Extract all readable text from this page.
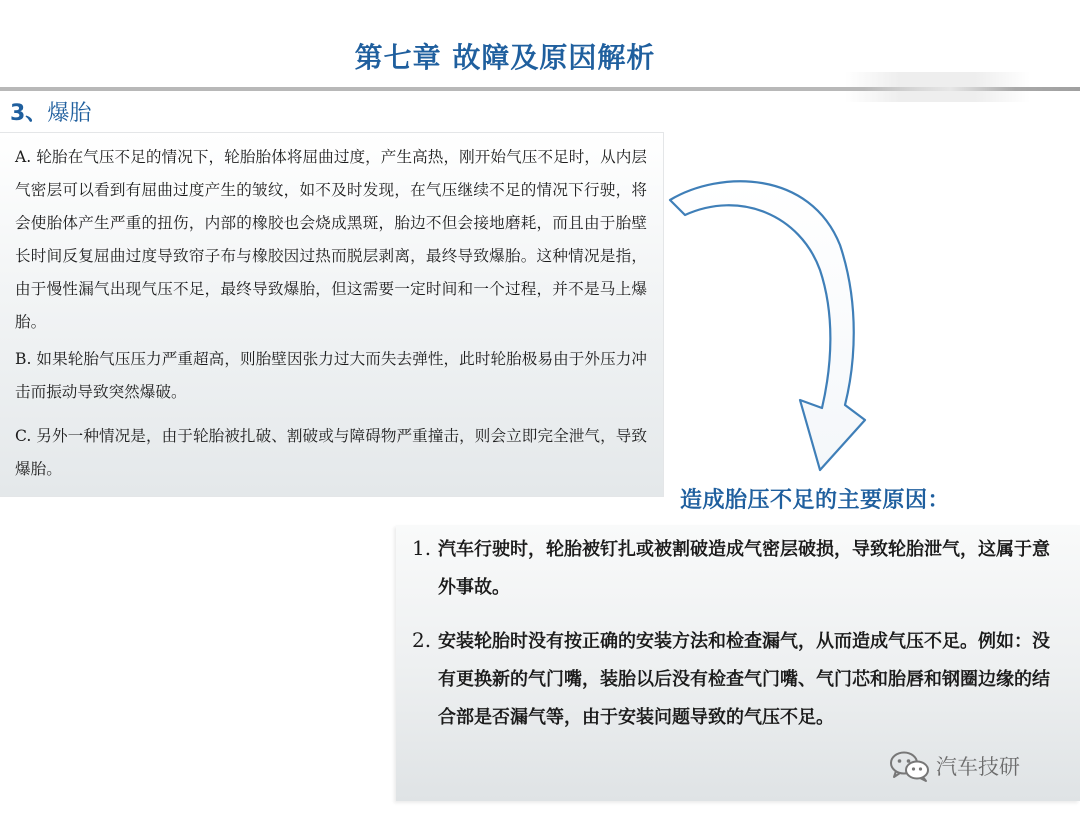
第七章 故障及原因解析
3、爆胎
A. 轮胎在气压不足的情况下，轮胎胎体将屈曲过度，产生高热，刚开始气压不足时，从内层气密层可以看到有屈曲过度产生的皱纹，如不及时发现，在气压继续不足的情况下行驶，将会使胎体产生严重的扭伤，内部的橡胶也会烧成黑斑，胎边不但会接地磨耗，而且由于胎壁长时间反复屈曲过度导致帘子布与橡胶因过热而脱层剥离，最终导致爆胎。这种情况是指，由于慢性漏气出现气压不足，最终导致爆胎，但这需要一定时间和一个过程，并不是马上爆胎。
B. 如果轮胎气压压力严重超高，则胎壁因张力过大而失去弹性，此时轮胎极易由于外压力冲击而振动导致突然爆破。
C. 另外一种情况是，由于轮胎被扎破、割破或与障碍物严重撞击，则会立即完全泄气，导致爆胎。
造成胎压不足的主要原因：
1. 汽车行驶时，轮胎被钉扎或被割破造成气密层破损，导致轮胎泄气，这属于意外事故。
2. 安装轮胎时没有按正确的安装方法和检查漏气，从而造成气压不足。例如：没有更换新的气门嘴，装胎以后没有检查气门嘴、气门芯和胎唇和钢圈边缘的结合部是否漏气等，由于安装问题导致的气压不足。
汽车技研
